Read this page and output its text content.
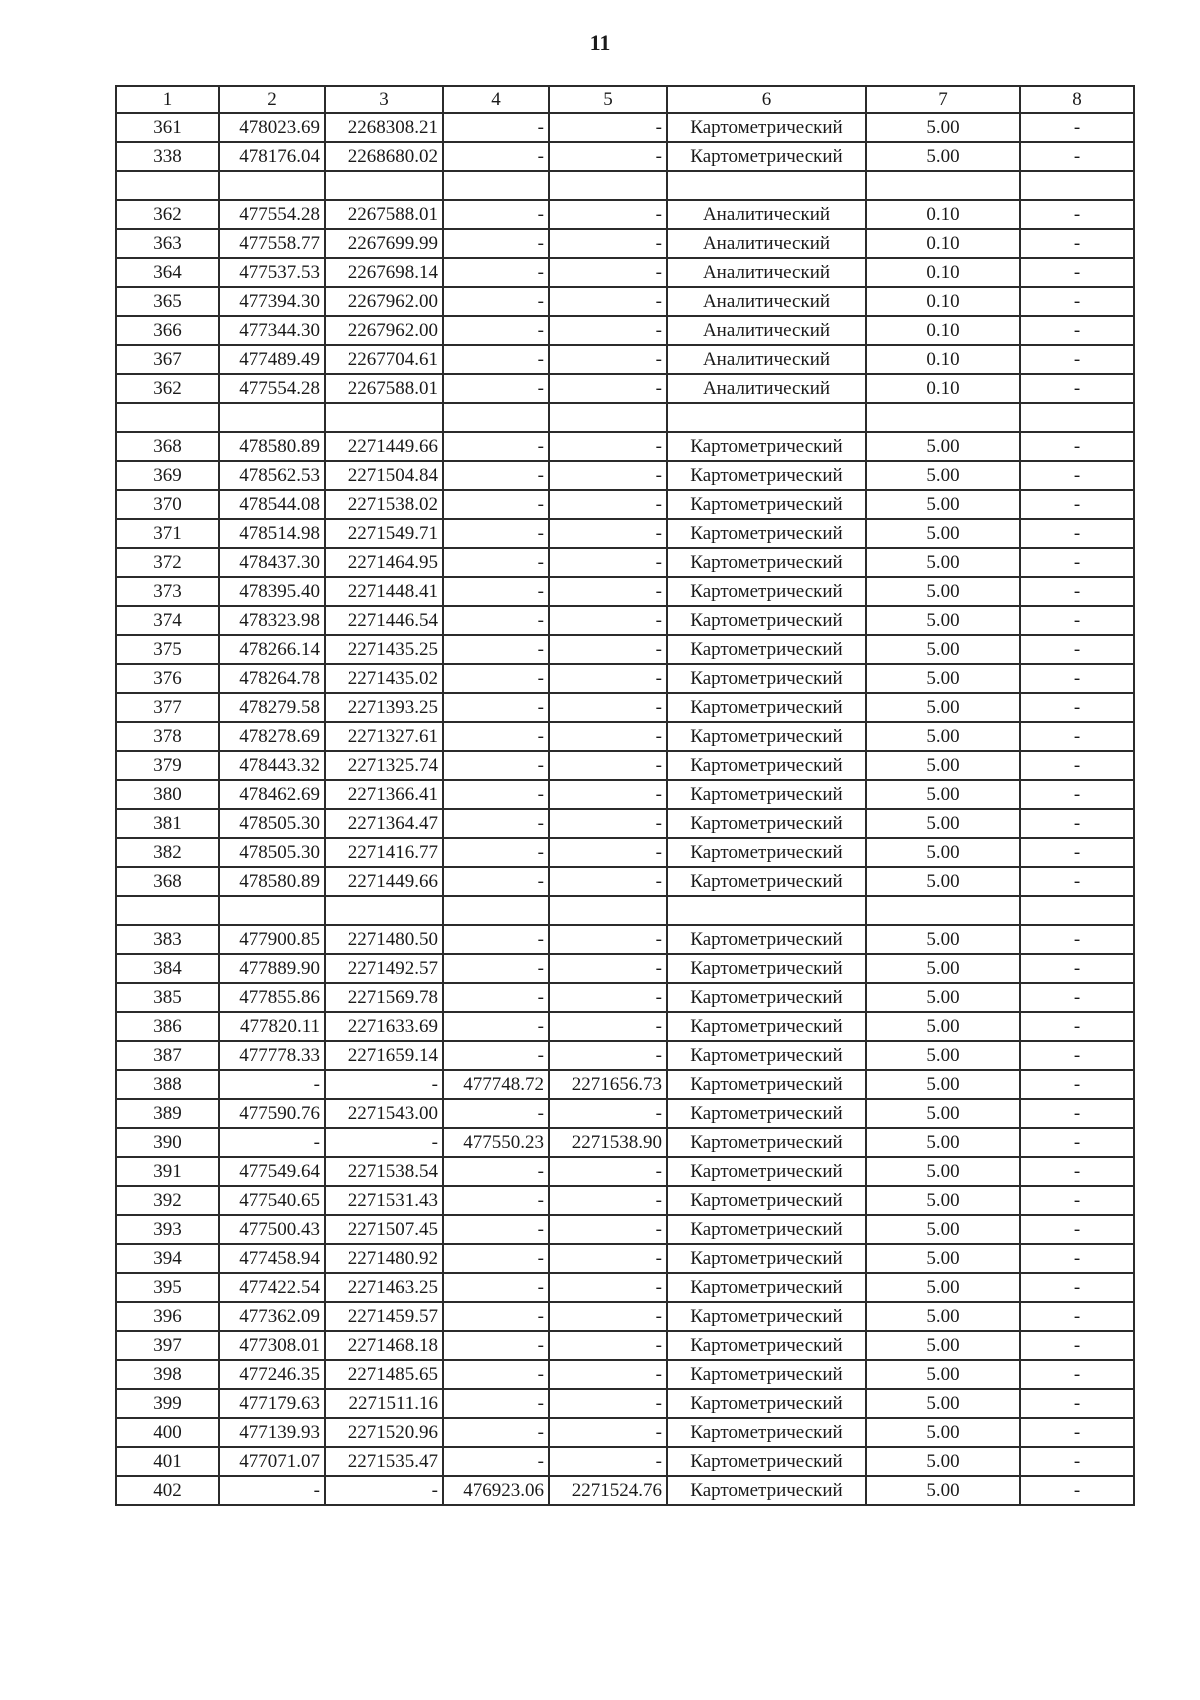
11
1	2	3	4	5	6	7	8
361	478023.69	2268308.21	-	-	Картометрический	5.00	-
338	478176.04	2268680.02	-	-	Картометрический	5.00	-

362	477554.28	2267588.01	-	-	Аналитический	0.10	-
363	477558.77	2267699.99	-	-	Аналитический	0.10	-
364	477537.53	2267698.14	-	-	Аналитический	0.10	-
365	477394.30	2267962.00	-	-	Аналитический	0.10	-
366	477344.30	2267962.00	-	-	Аналитический	0.10	-
367	477489.49	2267704.61	-	-	Аналитический	0.10	-
362	477554.28	2267588.01	-	-	Аналитический	0.10	-

368	478580.89	2271449.66	-	-	Картометрический	5.00	-
369	478562.53	2271504.84	-	-	Картометрический	5.00	-
370	478544.08	2271538.02	-	-	Картометрический	5.00	-
371	478514.98	2271549.71	-	-	Картометрический	5.00	-
372	478437.30	2271464.95	-	-	Картометрический	5.00	-
373	478395.40	2271448.41	-	-	Картометрический	5.00	-
374	478323.98	2271446.54	-	-	Картометрический	5.00	-
375	478266.14	2271435.25	-	-	Картометрический	5.00	-
376	478264.78	2271435.02	-	-	Картометрический	5.00	-
377	478279.58	2271393.25	-	-	Картометрический	5.00	-
378	478278.69	2271327.61	-	-	Картометрический	5.00	-
379	478443.32	2271325.74	-	-	Картометрический	5.00	-
380	478462.69	2271366.41	-	-	Картометрический	5.00	-
381	478505.30	2271364.47	-	-	Картометрический	5.00	-
382	478505.30	2271416.77	-	-	Картометрический	5.00	-
368	478580.89	2271449.66	-	-	Картометрический	5.00	-

383	477900.85	2271480.50	-	-	Картометрический	5.00	-
384	477889.90	2271492.57	-	-	Картометрический	5.00	-
385	477855.86	2271569.78	-	-	Картометрический	5.00	-
386	477820.11	2271633.69	-	-	Картометрический	5.00	-
387	477778.33	2271659.14	-	-	Картометрический	5.00	-
388	-	-	477748.72	2271656.73	Картометрический	5.00	-
389	477590.76	2271543.00	-	-	Картометрический	5.00	-
390	-	-	477550.23	2271538.90	Картометрический	5.00	-
391	477549.64	2271538.54	-	-	Картометрический	5.00	-
392	477540.65	2271531.43	-	-	Картометрический	5.00	-
393	477500.43	2271507.45	-	-	Картометрический	5.00	-
394	477458.94	2271480.92	-	-	Картометрический	5.00	-
395	477422.54	2271463.25	-	-	Картометрический	5.00	-
396	477362.09	2271459.57	-	-	Картометрический	5.00	-
397	477308.01	2271468.18	-	-	Картометрический	5.00	-
398	477246.35	2271485.65	-	-	Картометрический	5.00	-
399	477179.63	2271511.16	-	-	Картометрический	5.00	-
400	477139.93	2271520.96	-	-	Картометрический	5.00	-
401	477071.07	2271535.47	-	-	Картометрический	5.00	-
402	-	-	476923.06	2271524.76	Картометрический	5.00	-
